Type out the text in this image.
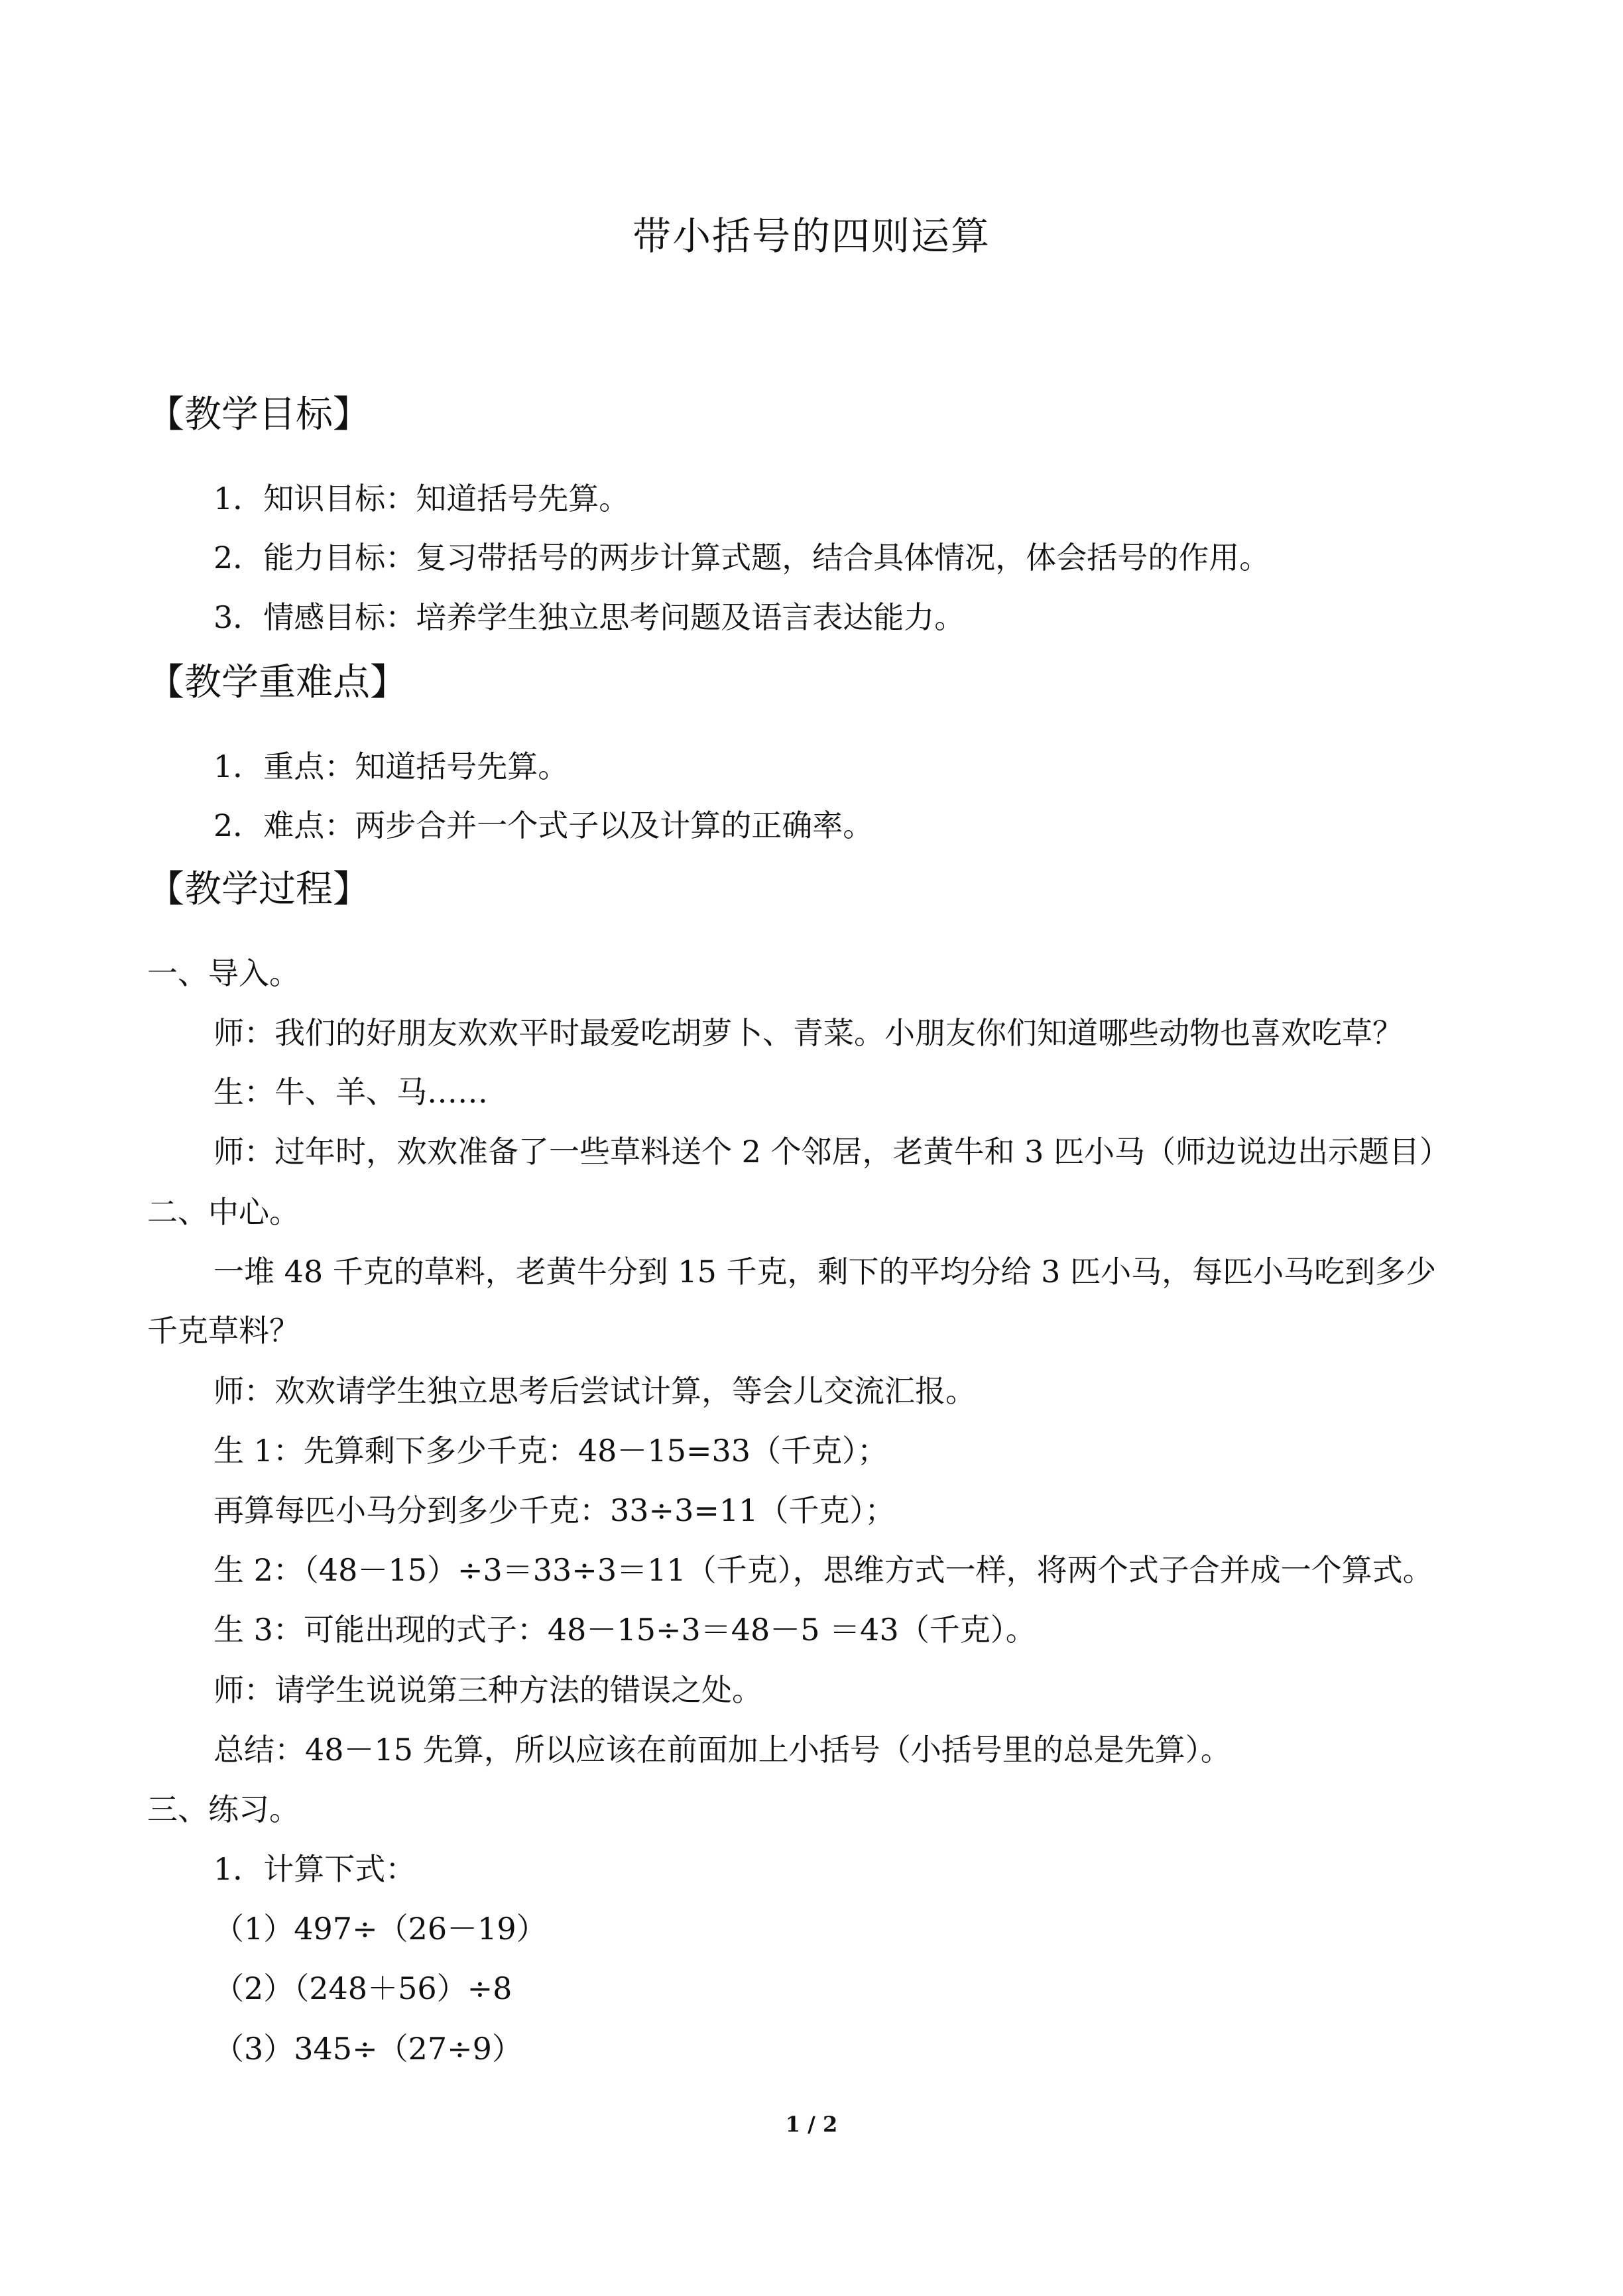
带小括号的四则运算
【教学目标】
1．知识目标：知道括号先算。
2．能力目标：复习带括号的两步计算式题，结合具体情况，体会括号的作用。
3．情感目标：培养学生独立思考问题及语言表达能力。
【教学重难点】
1．重点：知道括号先算。
2．难点：两步合并一个式子以及计算的正确率。
【教学过程】
一、导入。
师：我们的好朋友欢欢平时最爱吃胡萝卜、青菜。小朋友你们知道哪些动物也喜欢吃草？
生：牛、羊、马……
师：过年时，欢欢准备了一些草料送个 2 个邻居，老黄牛和 3 匹小马（师边说边出示题目）
二、中心。
一堆 48 千克的草料，老黄牛分到 15 千克，剩下的平均分给 3 匹小马，每匹小马吃到多少
千克草料？
师：欢欢请学生独立思考后尝试计算，等会儿交流汇报。
生 1：先算剩下多少千克：48－15=33（千克）；
再算每匹小马分到多少千克：33÷3=11（千克）；
生 2：（48－15）÷3＝33÷3＝11（千克），思维方式一样，将两个式子合并成一个算式。
生 3：可能出现的式子：48－15÷3＝48－5 ＝43（千克）。
师：请学生说说第三种方法的错误之处。
总结：48－15 先算，所以应该在前面加上小括号（小括号里的总是先算）。
三、练习。
1．计算下式：
（1）497÷（26－19）
（2）（248＋56）÷8
（3）345÷（27÷9）
1 / 2
